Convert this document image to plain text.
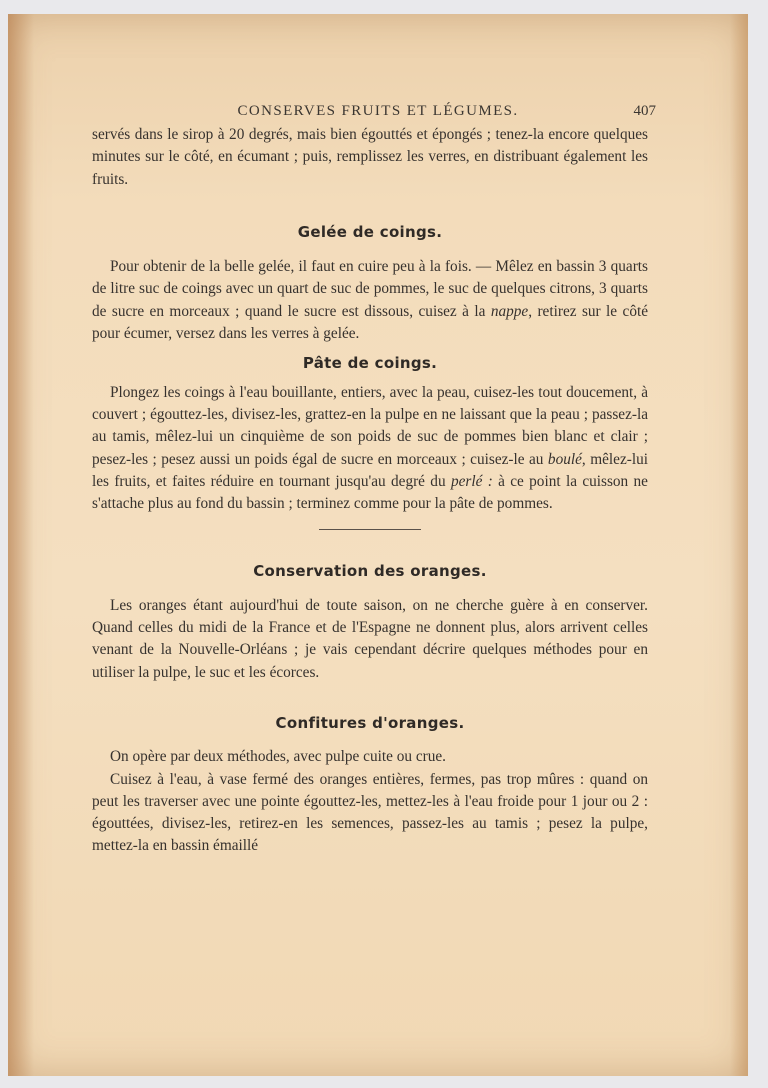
CONSERVES FRUITS ET LÉGUMES.	407

servés dans le sirop à 20 degrés, mais bien égouttés et épongés ; tenez-la encore quelques minutes sur le côté, en écumant ; puis, remplissez les verres, en distribuant également les fruits.

Gelée de coings.

Pour obtenir de la belle gelée, il faut en cuire peu à la fois. — Mêlez en bassin 3 quarts de litre suc de coings avec un quart de suc de pommes, le suc de quelques citrons, 3 quarts de sucre en morceaux ; quand le sucre est dissous, cuisez à la nappe, retirez sur le côté pour écumer, versez dans les verres à gelée.

Pâte de coings.

Plongez les coings à l'eau bouillante, entiers, avec la peau, cuisez-les tout doucement, à couvert ; égouttez-les, divisez-les, grattez-en la pulpe en ne laissant que la peau ; passez-la au tamis, mêlez-lui un cinquième de son poids de suc de pommes bien blanc et clair ; pesez-les ; pesez aussi un poids égal de sucre en morceaux ; cuisez-le au boulé, mêlez-lui les fruits, et faites réduire en tournant jusqu'au degré du perlé : à ce point la cuisson ne s'attache plus au fond du bassin ; terminez comme pour la pâte de pommes.

Conservation des oranges.

Les oranges étant aujourd'hui de toute saison, on ne cherche guère à en conserver. Quand celles du midi de la France et de l'Espagne ne donnent plus, alors arrivent celles venant de la Nouvelle-Orléans ; je vais cependant décrire quelques méthodes pour en utiliser la pulpe, le suc et les écorces.

Confitures d'oranges.

On opère par deux méthodes, avec pulpe cuite ou crue.

Cuisez à l'eau, à vase fermé des oranges entières, fermes, pas trop mûres : quand on peut les traverser avec une pointe égouttez-les, mettez-les à l'eau froide pour 1 jour ou 2 : égouttées, divisez-les, retirez-en les semences, passez-les au tamis ; pesez la pulpe, mettez-la en bassin émaillé
